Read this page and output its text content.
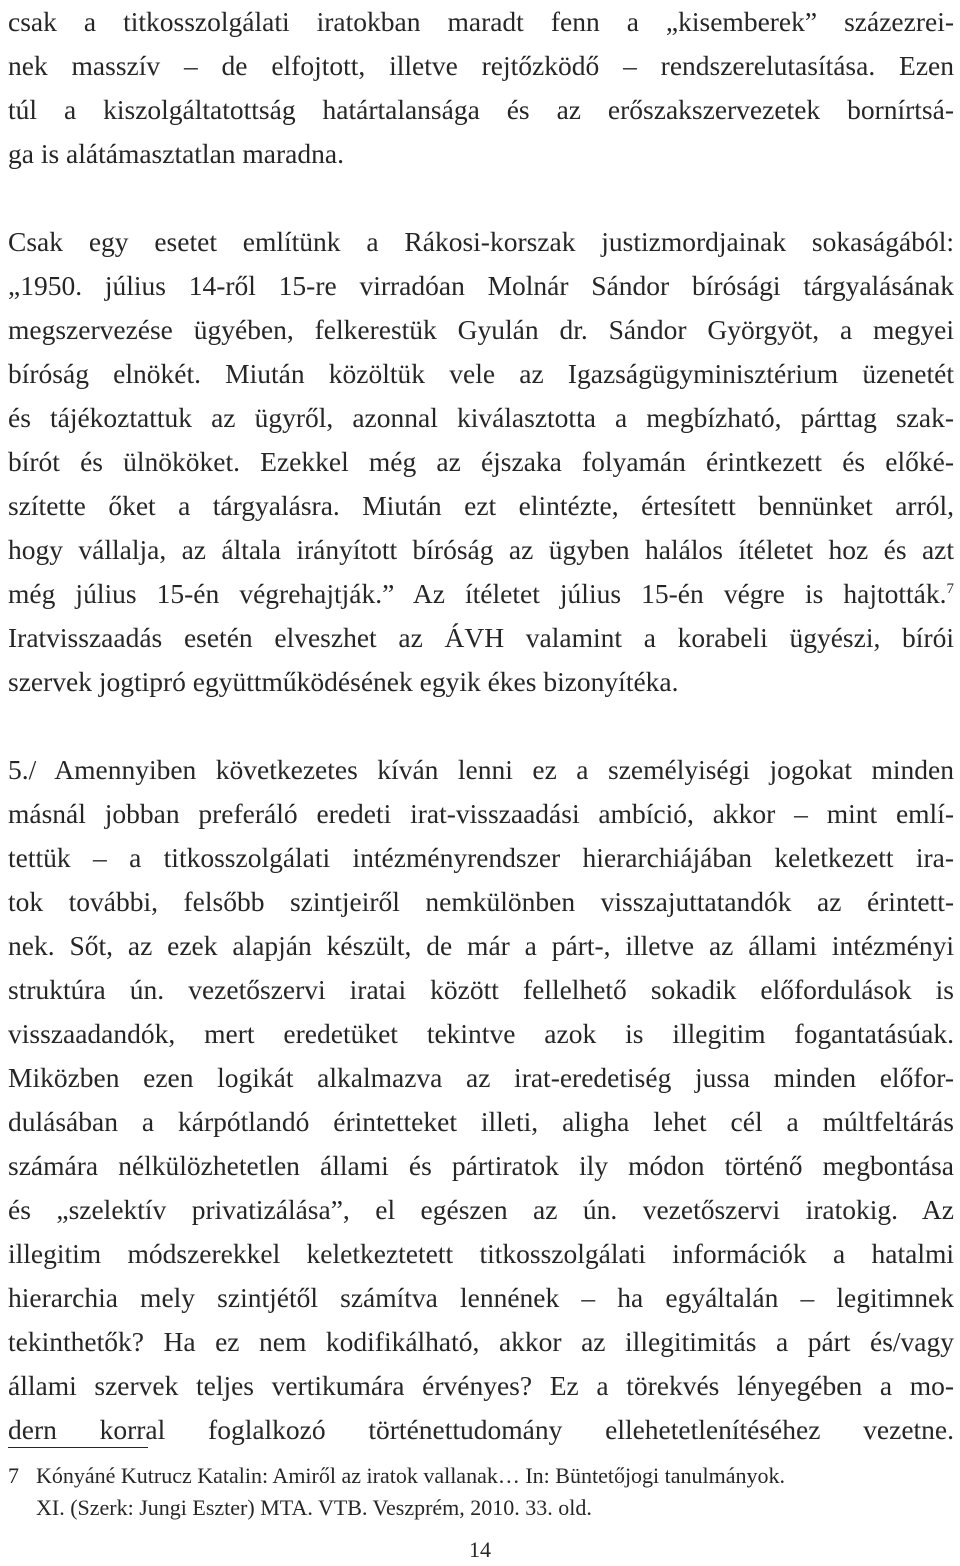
csak a titkosszolgálati iratokban maradt fenn a „kisemberek” százezrei-
nek masszív – de elfojtott, illetve rejtőzködő – rendszerelutasítása. Ezen
túl a kiszolgáltatottság határtalansága és az erőszakszervezetek bornírtsá-
ga is alátámasztatlan maradna.
Csak egy esetet említünk a Rákosi-korszak justizmordjainak sokaságából:
„1950. július 14-ről 15-re virradóan Molnár Sándor bírósági tárgyalásának
megszervezése ügyében, felkerestük Gyulán dr. Sándor Györgyöt, a megyei
bíróság elnökét. Miután közöltük vele az Igazságügyminisztérium üzenetét
és tájékoztattuk az ügyről, azonnal kiválasztotta a megbízható, párttag szak-
bírót és ülnököket. Ezekkel még az éjszaka folyamán érintkezett és előké-
szítette őket a tárgyalásra. Miután ezt elintézte, értesített bennünket arról,
hogy vállalja, az általa irányított bíróság az ügyben halálos ítéletet hoz és azt
még július 15-én végrehajtják.” Az ítéletet július 15-én végre is hajtották.$^7$
Iratvisszaadás esetén elveszhet az ÁVH valamint a korabeli ügyészi, bírói
szervek jogtipró együttműködésének egyik ékes bizonyítéka.
5./ Amennyiben következetes kíván lenni ez a személyiségi jogokat minden
másnál jobban preferáló eredeti irat-visszaadási ambíció, akkor – mint emlí-
tettük – a titkosszolgálati intézményrendszer hierarchiájában keletkezett ira-
tok további, felsőbb szintjeiről nemkülönben visszajuttatandók az érintett-
nek. Sőt, az ezek alapján készült, de már a párt-, illetve az állami intézményi
struktúra ún. vezetőszervi iratai között fellelhető sokadik előfordulások is
visszaadandók, mert eredetüket tekintve azok is illegitim fogantatásúak.
Miközben ezen logikát alkalmazva az irat-eredetiség jussa minden előfor-
dulásában a kárpótlandó érintetteket illeti, aligha lehet cél a múltfeltárás
számára nélkülözhetetlen állami és pártiratok ily módon történő megbontása
és „szelektív privatizálása”, el egészen az ún. vezetőszervi iratokig. Az
illegitim módszerekkel keletkeztetett titkosszolgálati információk a hatalmi
hierarchia mely szintjétől számítva lennének – ha egyáltalán – legitimnek
tekinthetők? Ha ez nem kodifikálható, akkor az illegitimitás a párt és/vagy
állami szervek teljes vertikumára érvényes? Ez a törekvés lényegében a mo-
dern korral foglalkozó történettudomány ellehetetlenítéséhez vezetne.
7 Kónyáné Kutrucz Katalin: Amiről az iratok vallanak… In: Büntetőjogi tanulmányok.
XI. (Szerk: Jungi Eszter) MTA. VTB. Veszprém, 2010. 33. old.
14
